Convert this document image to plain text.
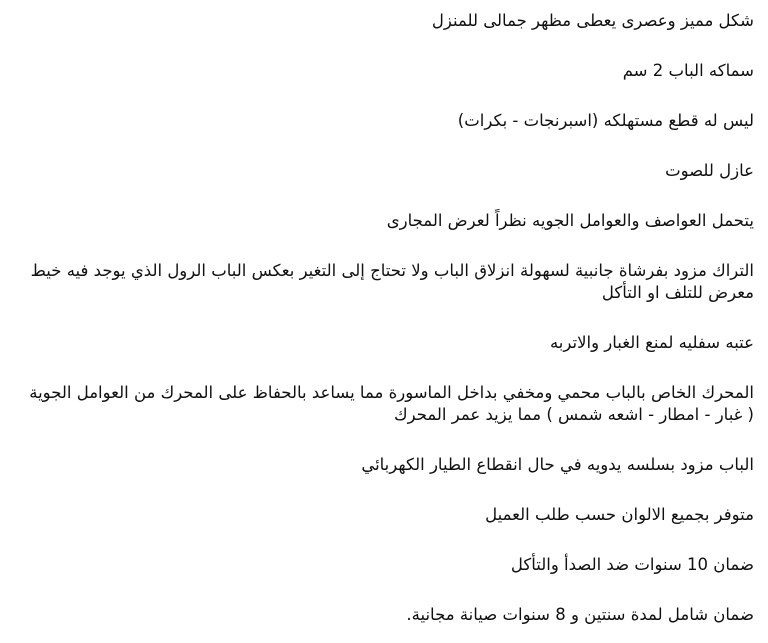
شكل مميز وعصرى يعطى مظهر جمالى للمنزل

سماكه الباب 2 سم

ليس له قطع مستهلكه (اسبرنجات - بكرات)

عازل للصوت

يتحمل العواصف والعوامل الجويه نظراً لعرض المجارى

التراك مزود بفرشاة جانبية لسهولة انزلاق الباب ولا تحتاج إلى التغير بعكس الباب الرول الذي يوجد فيه خيط معرض للتلف او التأكل

عتبه سفليه لمنع الغبار والاتربه

المحرك الخاص بالباب محمي ومخفي بداخل الماسورة مما يساعد بالحفاظ على المحرك من العوامل الجوية ( غبار - امطار - اشعه شمس ) مما يزيد عمر المحرك

الباب مزود بسلسه يدويه في حال انقطاع الطيار الكهربائي

متوفر بجميع الالوان حسب طلب العميل

ضمان 10 سنوات ضد الصدأ والتأكل

ضمان شامل لمدة سنتين و 8 سنوات صيانة مجانية.
